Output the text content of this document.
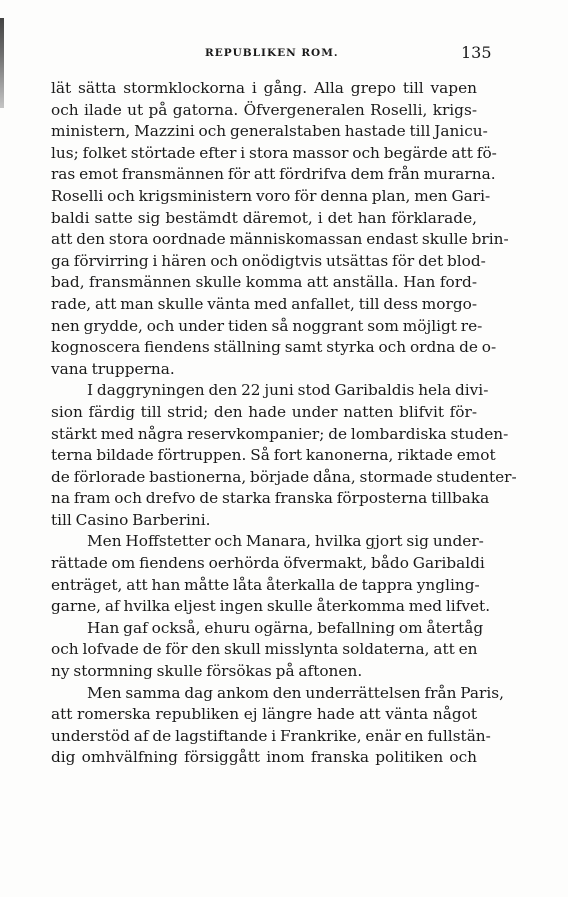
REPUBLIKEN ROM.	135
lät sätta stormklockorna i gång. Alla grepo till vapen
och ilade ut på gatorna. Öfvergeneralen Roselli, krigs-
ministern, Mazzini och generalstaben hastade till Janicu-
lus; folket störtade efter i stora massor och begärde att fö-
ras emot fransmännen för att fördrifva dem från murarna.
Roselli och krigsministern voro för denna plan, men Gari-
baldi satte sig bestämdt däremot, i det han förklarade,
att den stora oordnade människomassan endast skulle brin-
ga förvirring i hären och onödigtvis utsättas för det blod-
bad, fransmännen skulle komma att anställa. Han ford-
rade, att man skulle vänta med anfallet, till dess morgo-
nen grydde, och under tiden så noggrant som möjligt re-
kognoscera fiendens ställning samt styrka och ordna de o-
vana trupperna.
I daggryningen den 22 juni stod Garibaldis hela divi-
sion färdig till strid; den hade under natten blifvit för-
stärkt med några reservkompanier; de lombardiska studen-
terna bildade förtruppen. Så fort kanonerna, riktade emot
de förlorade bastionerna, började dåna, stormade studenter-
na fram och drefvo de starka franska förposterna tillbaka
till Casino Barberini.
Men Hoffstetter och Manara, hvilka gjort sig under-
rättade om fiendens oerhörda öfvermakt, bådo Garibaldi
enträget, att han måtte låta återkalla de tappra yngling-
garne, af hvilka eljest ingen skulle återkomma med lifvet.
Han gaf också, ehuru ogärna, befallning om återtåg
och lofvade de för den skull misslynta soldaterna, att en
ny stormning skulle försökas på aftonen.
Men samma dag ankom den underrättelsen från Paris,
att romerska republiken ej längre hade att vänta något
understöd af de lagstiftande i Frankrike, enär en fullstän-
dig omhvälfning försiggått inom franska politiken och
